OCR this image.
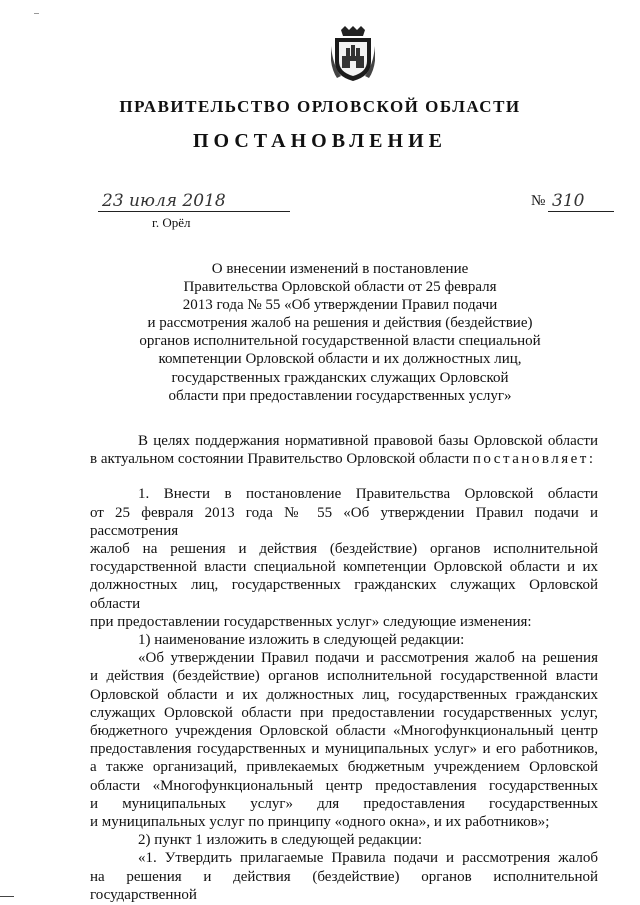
ПРАВИТЕЛЬСТВО ОРЛОВСКОЙ ОБЛАСТИ
ПОСТАНОВЛЕНИЕ
23 июля 2018
г. Орёл
№ 310
О внесении изменений в постановление
Правительства Орловской области от 25 февраля
2013 года № 55 «Об утверждении Правил подачи
и рассмотрения жалоб на решения и действия (бездействие)
органов исполнительной государственной власти специальной
компетенции Орловской области и их должностных лиц,
государственных гражданских служащих Орловской
области при предоставлении государственных услуг»
В целях поддержания нормативной правовой базы Орловской области
в актуальном состоянии Правительство Орловской области постановляет:
1. Внести в постановление Правительства Орловской области
от 25 февраля 2013 года № 55 «Об утверждении Правил подачи и рассмотрения
жалоб на решения и действия (бездействие) органов исполнительной
государственной власти специальной компетенции Орловской области и их
должностных лиц, государственных гражданских служащих Орловской области
при предоставлении государственных услуг» следующие изменения:
1) наименование изложить в следующей редакции:
«Об утверждении Правил подачи и рассмотрения жалоб на решения
и действия (бездействие) органов исполнительной государственной власти
Орловской области и их должностных лиц, государственных гражданских
служащих Орловской области при предоставлении государственных услуг,
бюджетного учреждения Орловской области «Многофункциональный центр
предоставления государственных и муниципальных услуг» и его работников,
а также организаций, привлекаемых бюджетным учреждением Орловской
области «Многофункциональный центр предоставления государственных
и муниципальных услуг» для предоставления государственных
и муниципальных услуг по принципу «одного окна», и их работников»;
2) пункт 1 изложить в следующей редакции:
«1. Утвердить прилагаемые Правила подачи и рассмотрения жалоб
на решения и действия (бездействие) органов исполнительной государственной
